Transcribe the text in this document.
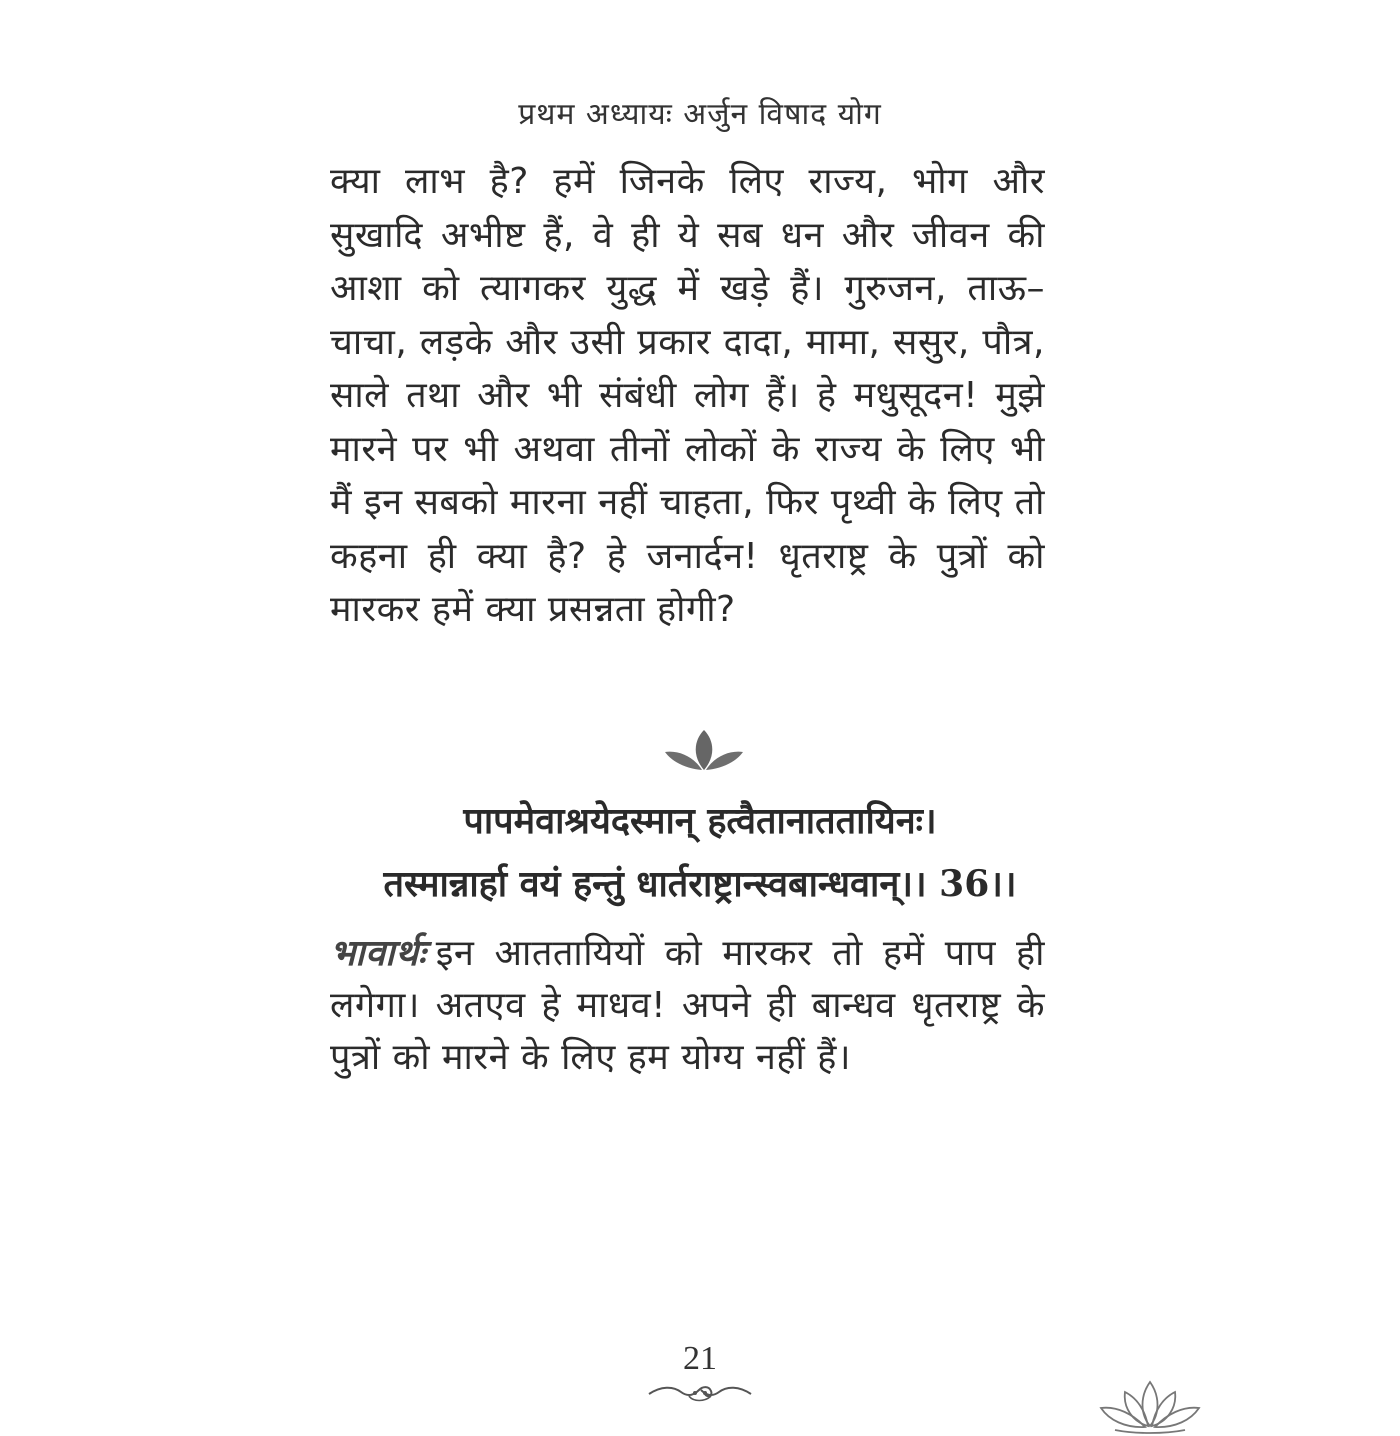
प्रथम अध्यायः अर्जुन विषाद योग
क्या लाभ है? हमें जिनके लिए राज्य, भोग और सुखादि अभीष्ट हैं, वे ही ये सब धन और जीवन की आशा को त्यागकर युद्ध में खड़े हैं। गुरुजन, ताऊ–चाचा, लड़के और उसी प्रकार दादा, मामा, ससुर, पौत्र, साले तथा और भी संबंधी लोग हैं। हे मधुसूदन! मुझे मारने पर भी अथवा तीनों लोकों के राज्य के लिए भी मैं इन सबको मारना नहीं चाहता, फिर पृथ्वी के लिए तो कहना ही क्या है? हे जनार्दन! धृतराष्ट्र के पुत्रों को मारकर हमें क्या प्रसन्नता होगी?
पापमेवाश्रयेदस्मान् हत्वैतानाततायिनः।
तस्मान्नार्हा वयं हन्तुं धार्तराष्ट्रान्स्वबान्धवान्।। 36।।
भावार्थः इन आततायियों को मारकर तो हमें पाप ही लगेगा। अतएव हे माधव! अपने ही बान्धव धृतराष्ट्र के पुत्रों को मारने के लिए हम योग्य नहीं हैं।
21
